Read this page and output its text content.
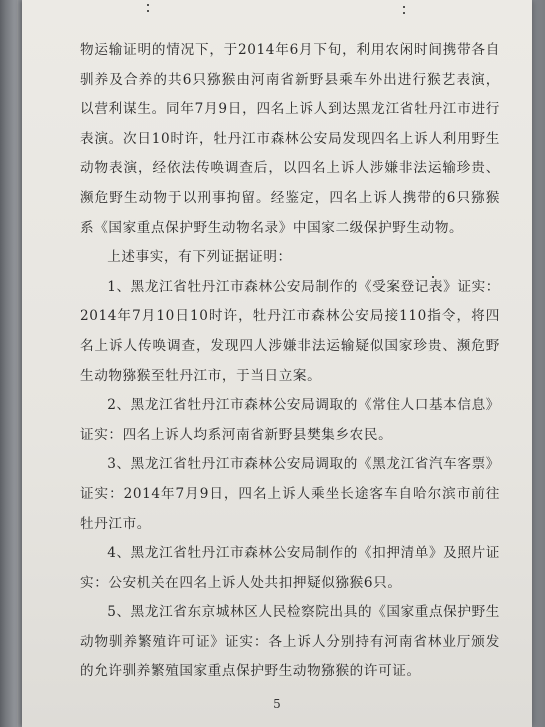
物运输证明的情况下，于2014年6月下旬，利用农闲时间携带各自驯养及合养的共6只猕猴由河南省新野县乘车外出进行猴艺表演，以营利谋生。同年7月9日，四名上诉人到达黑龙江省牡丹江市进行表演。次日10时许，牡丹江市森林公安局发现四名上诉人利用野生动物表演，经依法传唤调查后，以四名上诉人涉嫌非法运输珍贵、濒危野生动物于以刑事拘留。经鉴定，四名上诉人携带的6只猕猴系《国家重点保护野生动物名录》中国家二级保护野生动物。

上述事实，有下列证据证明：

1、黑龙江省牡丹江市森林公安局制作的《受案登记表》证实：2014年7月10日10时许，牡丹江市森林公安局接110指令，将四名上诉人传唤调查，发现四人涉嫌非法运输疑似国家珍贵、濒危野生动物猕猴至牡丹江市，于当日立案。

2、黑龙江省牡丹江市森林公安局调取的《常住人口基本信息》证实：四名上诉人均系河南省新野县樊集乡农民。

3、黑龙江省牡丹江市森林公安局调取的《黑龙江省汽车客票》证实：2014年7月9日，四名上诉人乘坐长途客车自哈尔滨市前往牡丹江市。

4、黑龙江省牡丹江市森林公安局制作的《扣押清单》及照片证实：公安机关在四名上诉人处共扣押疑似猕猴6只。

5、黑龙江省东京城林区人民检察院出具的《国家重点保护野生动物驯养繁殖许可证》证实：各上诉人分别持有河南省林业厅颁发的允许驯养繁殖国家重点保护野生动物猕猴的许可证。

5
